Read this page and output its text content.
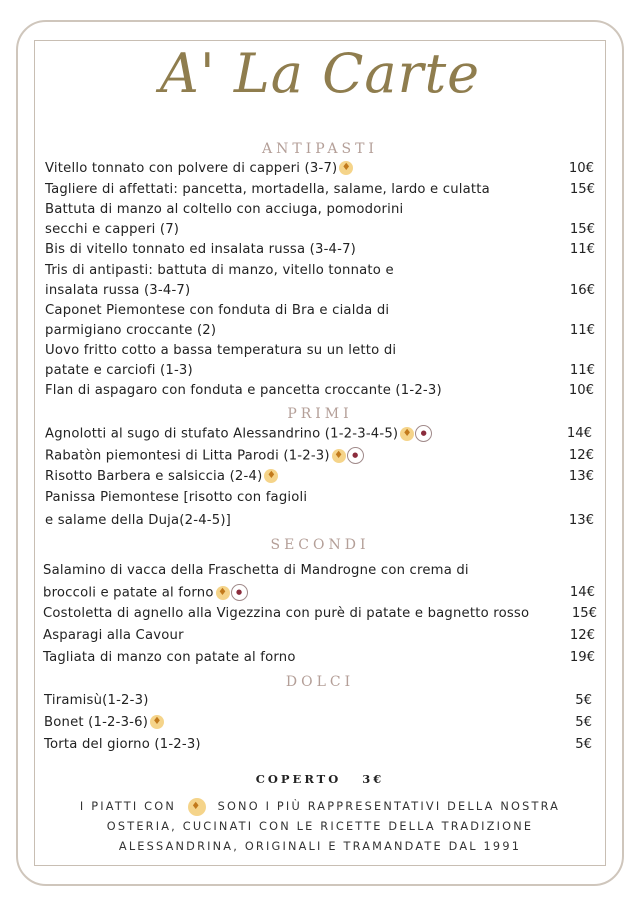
A' La Carte
ANTIPASTI
Vitello tonnato con polvere di capperi (3-7) ♦	10€
Tagliere di affettati: pancetta, mortadella, salame, lardo e culatta	15€
Battuta di manzo al coltello con acciuga, pomodorini
secchi e capperi (7)	15€
Bis di vitello tonnato ed insalata russa (3-4-7)	11€
Tris di antipasti: battuta di manzo, vitello tonnato e
insalata russa (3-4-7)	16€
Caponet Piemontese con fonduta di Bra e cialda di
parmigiano croccante (2)	11€
Uovo fritto cotto a bassa temperatura su un letto di
patate e carciofi (1-3)	11€
Flan di aspagaro con fonduta e pancetta croccante (1-2-3)	10€
PRIMI
Agnolotti al sugo di stufato Alessandrino (1-2-3-4-5) ♦ ●	14€
Rabatòn piemontesi di Litta Parodi (1-2-3) ♦ ●	12€
Risotto Barbera e salsiccia (2-4) ♦	13€
Panissa Piemontese [risotto con fagioli
e salame della Duja(2-4-5)]	13€
SECONDI
Salamino di vacca della Fraschetta di Mandrogne con crema di
broccoli e patate al forno ♦ ●	14€
Costoletta di agnello alla Vigezzina con purè di patate e bagnetto rosso	15€
Asparagi alla Cavour	12€
Tagliata di manzo con patate al forno	19€
DOLCI
Tiramisù(1-2-3)	5€
Bonet (1-2-3-6) ♦	5€
Torta del giorno (1-2-3)	5€
COPERTO   3€
I PIATTI CON ♦ SONO I PIÙ RAPPRESENTATIVI DELLA NOSTRA
OSTERIA, CUCINATI CON LE RICETTE DELLA TRADIZIONE
ALESSANDRINA, ORIGINALI E TRAMANDATE DAL 1991
